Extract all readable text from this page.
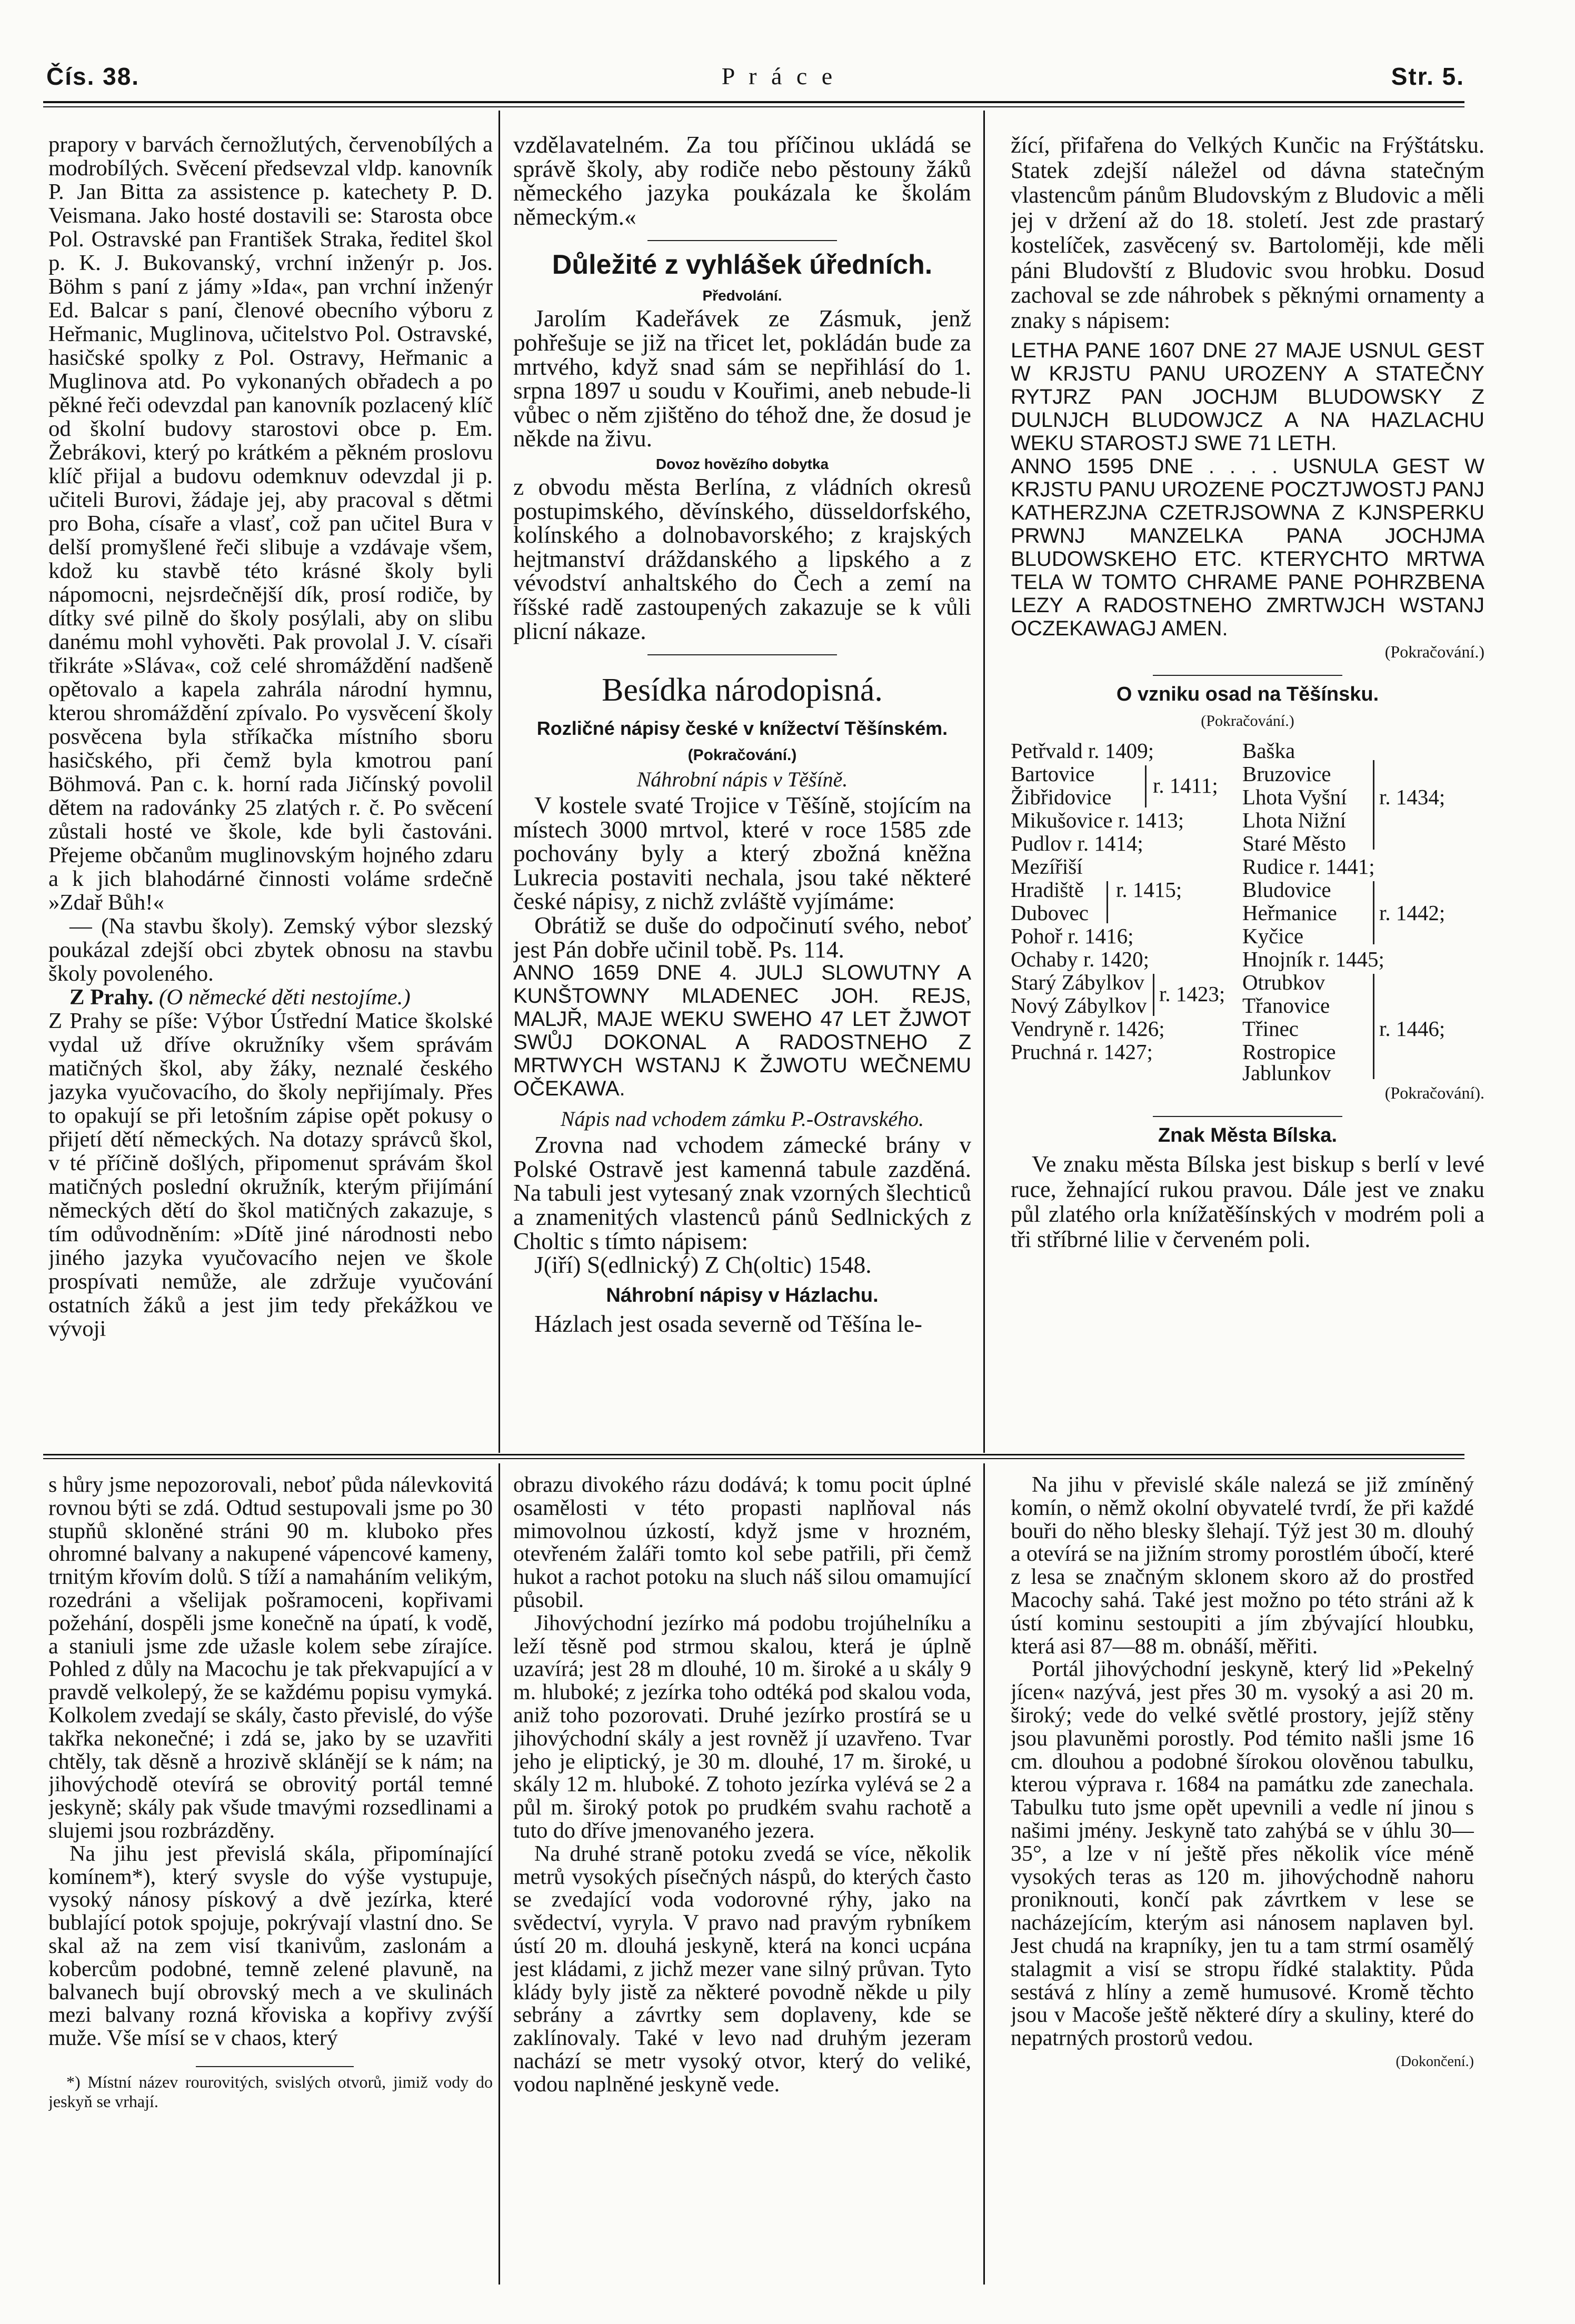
Čís. 38.	P r á c e	Str. 5.

prapory v barvách černožlutých, červenobílých a modrobílých. Svěcení předsevzal vldp. kanovník P. Jan Bitta za assistence p. katechety P. D. Veismana. Jako hosté dostavili se: Starosta obce Pol. Ostravské pan František Straka, ředitel škol p. K. J. Bukovanský, vrchní inženýr p. Jos. Böhm s paní z jámy »Ida«, pan vrchní inženýr Ed. Balcar s paní, členové obecního výboru z Heřmanic, Muglinova, učitelstvo Pol. Ostravské, hasičské spolky z Pol. Ostravy, Heřmanic a Muglinova atd. Po vykonaných obřadech a po pěkné řeči odevzdal pan kanovník pozlacený klíč od školní budovy starostovi obce p. Em. Žebrákovi, který po krátkém a pěkném proslovu klíč přijal a budovu odemknuv odevzdal ji p. učiteli Burovi, žádaje jej, aby pracoval s dětmi pro Boha, císaře a vlasť, což pan učitel Bura v delší promyšlené řeči slibuje a vzdávaje všem, kdož ku stavbě této krásné školy byli nápomocni, nejsrdečnější dík, prosí rodiče, by dítky své pilně do školy posýlali, aby on slibu danému mohl vyhověti. Pak provolal J. V. císaři třikráte »Sláva«, což celé shromáždění nadšeně opětovalo a kapela zahrála národní hymnu, kterou shromáždění zpívalo. Po vysvěcení školy posvěcena byla stříkačka místního sboru hasičského, při čemž byla kmotrou paní Böhmová. Pan c. k. horní rada Jičínský povolil dětem na radovánky 25 zlatých r. č. Po svěcení zůstali hosté ve škole, kde byli častováni. Přejeme občanům muglinovským hojného zdaru a k jich blahodárné činnosti voláme srdečně »Zdař Bůh!«

— (Na stavbu školy). Zemský výbor slezský poukázal zdejší obci zbytek obnosu na stavbu školy povoleného.

Z Prahy. (O německé děti nestojíme.)

Z Prahy se píše: Výbor Ústřední Matice školské vydal už dříve okružníky všem správám matičných škol, aby žáky, neznalé českého jazyka vyučovacího, do školy nepřijímaly. Přes to opakují se při letošním zápise opět pokusy o přijetí dětí německých. Na dotazy správců škol, v té příčině došlých, připomenut správám škol matičných poslední okružník, kterým přijímání německých dětí do škol matičných zakazuje, s tím odůvodněním: »Dítě jiné národnosti nebo jiného jazyka vyučovacího nejen ve škole prospívati nemůže, ale zdržuje vyučování ostatních žáků a jest jim tedy překážkou ve vývoji

vzdělavatelném. Za tou příčinou ukládá se správě školy, aby rodiče nebo pěstouny žáků německého jazyka poukázala ke školám německým.«

Důležité z vyhlášek úředních.
Předvolání.

Jarolím Kadeřávek ze Zásmuk, jenž pohřešuje se již na třicet let, pokládán bude za mrtvého, když snad sám se nepřihlásí do 1. srpna 1897 u soudu v Kouřimi, aneb nebude-li vůbec o něm zjištěno do téhož dne, že dosud je někde na živu.

Dovoz hovězího dobytka

z obvodu města Berlína, z vládních okresů postupimského, děvínského, düsseldorfského, kolínského a dolnobavorského; z krajských hejtmanství dráždanského a lipského a z vévodství anhaltského do Čech a zemí na říšské radě zastoupených zakazuje se k vůli plicní nákaze.

Besídka národopisná.
Rozličné nápisy české v knížectví Těšínském.
(Pokračování.)
Náhrobní nápis v Těšíně.

V kostele svaté Trojice v Těšíně, stojícím na místech 3000 mrtvol, které v roce 1585 zde pochovány byly a který zbožná kněžna Lukrecia postaviti nechala, jsou také některé české nápisy, z nichž zvláště vyjímáme:

Obrátiž se duše do odpočinutí svého, neboť jest Pán dobře učinil tobě. Ps. 114.

ANNO 1659 DNE 4. JULJ SLOWUTNY A KUNŠTOWNY MLADENEC JOH. REJS, MALJŘ, MAJE WEKU SWEHO 47 LET ŽJWOT SWŮJ DOKONAL A RADOSTNEHO Z MRTWYCH WSTANJ K ŽJWOTU WEČNEMU OČEKAWA.

Nápis nad vchodem zámku P.-Ostravského.

Zrovna nad vchodem zámecké brány v Polské Ostravě jest kamenná tabule zazděná. Na tabuli jest vytesaný znak vzorných šlechticů a znamenitých vlastenců pánů Sedlnických z Choltic s tímto nápisem:

J(iří) S(edlnický) Z Ch(oltic) 1548.

Náhrobní nápisy v Házlachu.

Házlach jest osada severně od Těšína le-

žící, přifařena do Velkých Kunčic na Frýštátsku. Statek zdejší náležel od dávna statečným vlastencům pánům Bludovským z Bludovic a měli jej v držení až do 18. století. Jest zde prastarý kostelíček, zasvěcený sv. Bartoloměji, kde měli páni Bludovští z Bludovic svou hrobku. Dosud zachoval se zde náhrobek s pěknými ornamenty a znaky s nápisem:

LETHA PANE 1607 DNE 27 MAJE USNUL GEST W KRJSTU PANU UROZENY A STATEČNY RYTJRZ PAN JOCHJM BLUDOWSKY Z DULNJCH BLUDOWJCZ A NA HAZLACHU WEKU STAROSTJ SWE 71 LETH.

ANNO 1595 DNE . . . . USNULA GEST W KRJSTU PANU UROZENE POCZTJWOSTJ PANJ KATHERZJNA CZETRJSOWNA Z KJNSPERKU PRWNJ MANZELKA PANA JOCHJMA BLUDOWSKEHO ETC. KTERYCHTO MRTWA TELA W TOMTO CHRAME PANE POHRZBENA LEZY A RADOSTNEHO ZMRTWJCH WSTANJ OCZEKAWAGJ AMEN.

(Pokračování.)
O vzniku osad na Těšínsku.
(Pokračování.)
Petřvald r. 1409;
Bartovice
Žibřidovice r. 1411;
Mikušovice r. 1413;
Pudlov r. 1414;
Mezířiší
Hradiště
Dubovec
r. 1415;
Pohoř r. 1416;
Ochaby r. 1420;
Starý Zábylkov
Nový Zábylkov r. 1423;
Vendryně r. 1426;
Pruchná r. 1427;
Baška
Bruzovice
Lhota Vyšní
Lhota Nižní
Staré Město
r. 1434;
Rudice r. 1441;
Bludovice
Heřmanice
Kyčice
r. 1442;
Hnojník r. 1445;
Otrubkov
Třanovice
Třinec
Rostropice
Jablunkov
r. 1446;
(Pokračování).
Znak Města Bílska.

Ve znaku města Bílska jest biskup s berlí v levé ruce, žehnající rukou pravou. Dále jest ve znaku půl zlatého orla knížatěšínských v modrém poli a tři stříbrné lilie v červeném poli.

s hůry jsme nepozorovali, neboť půda nálevkovitá rovnou býti se zdá. Odtud sestupovali jsme po 30 stupňů skloněné stráni 90 m. kluboko přes ohromné balvany a nakupené vápencové kameny, trnitým křovím dolů. S tíží a namaháním velikým, rozedráni a všelijak pošramoceni, kopřivami požehání, dospěli jsme konečně na úpatí, k vodě, a staniuli jsme zde užasle kolem sebe zírajíce. Pohled z důly na Macochu je tak překvapující a v pravdě velkolepý, že se každému popisu vymyká. Kolkolem zvedají se skály, často převislé, do výše takřka nekonečné; i zdá se, jako by se uzavřiti chtěly, tak děsně a hrozivě sklánějí se k nám; na jihovýchodě otevírá se obrovitý portál temné jeskyně; skály pak všude tmavými rozsedlinami a slujemi jsou rozbrázděny.

Na jihu jest převislá skála, připomínající komínem*), který svysle do výše vystupuje, vysoký nánosy pískový a dvě jezírka, které bublající potok spojuje, pokrývají vlastní dno. Se skal až na zem visí tkanivům, zaslonám a kobercům podobné, temně zelené plavuně, na balvanech bují obrovský mech a ve skulinách mezi balvany rozná křoviska a kopřivy zvýší muže. Vše mísí se v chaos, který

*) Místní název rourovitých, svislých otvorů, jimiž vody do jeskyň se vrhají.

obrazu divokého rázu dodává; k tomu pocit úplné osamělosti v této propasti naplňoval nás mimovolnou úzkostí, když jsme v hrozném, otevřeném žaláři tomto kol sebe patřili, při čemž hukot a rachot potoku na sluch náš silou omamující působil.

Jihovýchodní jezírko má podobu trojúhelníku a leží těsně pod strmou skalou, která je úplně uzavírá; jest 28 m dlouhé, 10 m. široké a u skály 9 m. hluboké; z jezírka toho odtéká pod skalou voda, aniž toho pozorovati. Druhé jezírko prostírá se u jihovýchodní skály a jest rovněž jí uzavřeno. Tvar jeho je eliptický, je 30 m. dlouhé, 17 m. široké, u skály 12 m. hluboké. Z tohoto jezírka vylévá se 2 a půl m. široký potok po prudkém svahu rachotě a tuto do dříve jmenovaného jezera.

Na druhé straně potoku zvedá se více, několik metrů vysokých písečných náspů, do kterých často se zvedající voda vodorovné rýhy, jako na svědectví, vyryla. V pravo nad pravým rybníkem ústí 20 m. dlouhá jeskyně, která na konci ucpána jest kládami, z jichž mezer vane silný průvan. Tyto klády byly jistě za některé povodně někde u pily sebrány a závrtky sem doplaveny, kde se zaklínovaly. Také v levo nad druhým jezeram nachází se metr vysoký otvor, který do veliké, vodou naplněné jeskyně vede.

Na jihu v převislé skále nalezá se již zmíněný komín, o němž okolní obyvatelé tvrdí, že při každé bouři do něho blesky šlehají. Týž jest 30 m. dlouhý a otevírá se na jižním stromy porostlém úbočí, které z lesa se značným sklonem skoro až do prostřed Macochy sahá. Také jest možno po této stráni až k ústí kominu sestoupiti a jím zbývající hloubku, která asi 87—88 m. obnáší, měřiti.

Portál jihovýchodní jeskyně, který lid »Pekelný jícen« nazývá, jest přes 30 m. vysoký a asi 20 m. široký; vede do velké světlé prostory, jejíž stěny jsou plavuněmi porostly. Pod témito našli jsme 16 cm. dlouhou a podobné šírokou olověnou tabulku, kterou výprava r. 1684 na památku zde zanechala. Tabulku tuto jsme opět upevnili a vedle ní jinou s našimi jmény. Jeskyně tato zahýbá se v úhlu 30—35°, a lze v ní ještě přes několik více méně vysokých teras as 120 m. jihovýchodně nahoru proniknouti, končí pak závrtkem v lese se nacházejícím, kterým asi nánosem naplaven byl. Jest chudá na krapníky, jen tu a tam strmí osamělý stalagmit a visí se stropu řídké stalaktity. Půda sestává z hlíny a země humusové. Kromě těchto jsou v Macoše ještě některé díry a skuliny, které do nepatrných prostorů vedou.

(Dokončení.)
